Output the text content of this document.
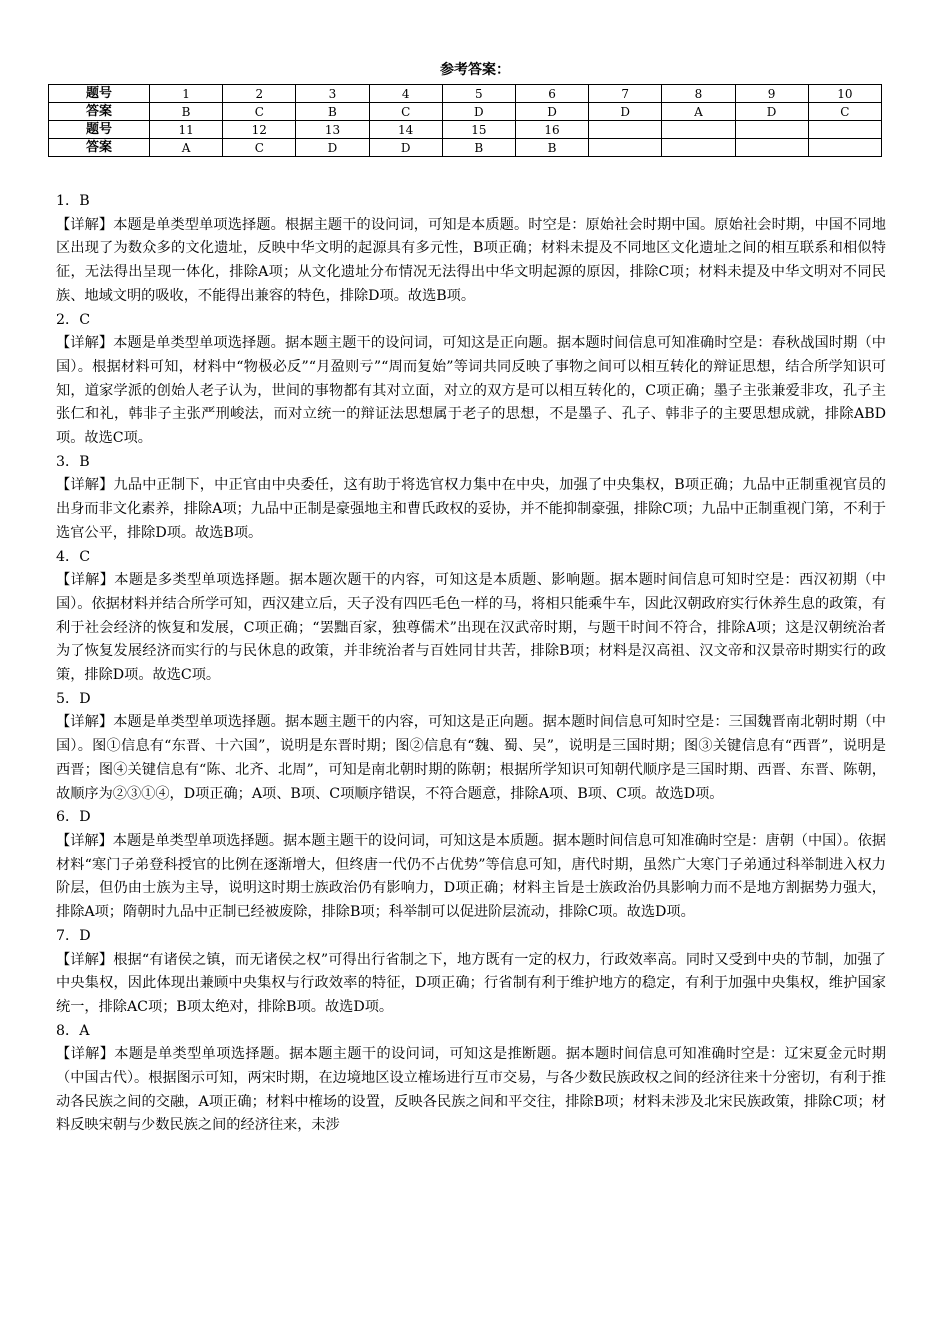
参考答案：
题号	1	2	3	4	5	6	7	8	9	10
答案	B	C	B	C	D	D	D	A	D	C
题号	11	12	13	14	15	16				
答案	A	C	D	D	B	B				

1．B

【详解】本题是单类型单项选择题。根据主题干的设问词，可知是本质题。时空是：原始社会时期中国。原始社会时期，中国不同地区出现了为数众多的文化遗址，反映中华文明的起源具有多元性，B项正确；材料未提及不同地区文化遗址之间的相互联系和相似特征，无法得出呈现一体化，排除A项；从文化遗址分布情况无法得出中华文明起源的原因，排除C项；材料未提及中华文明对不同民族、地域文明的吸收，不能得出兼容的特色，排除D项。故选B项。

2．C

【详解】本题是单类型单项选择题。据本题主题干的设问词，可知这是正向题。据本题时间信息可知准确时空是：春秋战国时期（中国）。根据材料可知，材料中“物极必反”“月盈则亏”“周而复始”等词共同反映了事物之间可以相互转化的辩证思想，结合所学知识可知，道家学派的创始人老子认为，世间的事物都有其对立面，对立的双方是可以相互转化的，C项正确；墨子主张兼爱非攻，孔子主张仁和礼，韩非子主张严刑峻法，而对立统一的辩证法思想属于老子的思想，不是墨子、孔子、韩非子的主要思想成就，排除ABD项。故选C项。

3．B

【详解】九品中正制下，中正官由中央委任，这有助于将选官权力集中在中央，加强了中央集权，B项正确；九品中正制重视官员的出身而非文化素养，排除A项；九品中正制是豪强地主和曹氏政权的妥协，并不能抑制豪强，排除C项；九品中正制重视门第，不利于选官公平，排除D项。故选B项。

4．C

【详解】本题是多类型单项选择题。据本题次题干的内容，可知这是本质题、影响题。据本题时间信息可知时空是：西汉初期（中国）。依据材料并结合所学可知，西汉建立后，天子没有四匹毛色一样的马，将相只能乘牛车，因此汉朝政府实行休养生息的政策，有利于社会经济的恢复和发展，C项正确；“罢黜百家，独尊儒术”出现在汉武帝时期，与题干时间不符合，排除A项；这是汉朝统治者为了恢复发展经济而实行的与民休息的政策，并非统治者与百姓同甘共苦，排除B项；材料是汉高祖、汉文帝和汉景帝时期实行的政策，排除D项。故选C项。

5．D

【详解】本题是单类型单项选择题。据本题主题干的内容，可知这是正向题。据本题时间信息可知时空是：三国魏晋南北朝时期（中国）。图①信息有“东晋、十六国”，说明是东晋时期；图②信息有“魏、蜀、吴”，说明是三国时期；图③关键信息有“西晋”，说明是西晋；图④关键信息有“陈、北齐、北周”，可知是南北朝时期的陈朝；根据所学知识可知朝代顺序是三国时期、西晋、东晋、陈朝，故顺序为②③①④，D项正确；A项、B项、C项顺序错误，不符合题意，排除A项、B项、C项。故选D项。

6．D

【详解】本题是单类型单项选择题。据本题主题干的设问词，可知这是本质题。据本题时间信息可知准确时空是：唐朝（中国）。依据材料“寒门子弟登科授官的比例在逐渐增大，但终唐一代仍不占优势”等信息可知，唐代时期，虽然广大寒门子弟通过科举制进入权力阶层，但仍由士族为主导，说明这时期士族政治仍有影响力，D项正确；材料主旨是士族政治仍具影响力而不是地方割据势力强大，排除A项；隋朝时九品中正制已经被废除，排除B项；科举制可以促进阶层流动，排除C项。故选D项。

7．D

【详解】根据“有诸侯之镇，而无诸侯之权”可得出行省制之下，地方既有一定的权力，行政效率高。同时又受到中央的节制，加强了中央集权，因此体现出兼顾中央集权与行政效率的特征，D项正确；行省制有利于维护地方的稳定，有利于加强中央集权，维护国家统一，排除AC项；B项太绝对，排除B项。故选D项。

8．A

【详解】本题是单类型单项选择题。据本题主题干的设问词，可知这是推断题。据本题时间信息可知准确时空是：辽宋夏金元时期（中国古代）。根据图示可知，两宋时期，在边境地区设立榷场进行互市交易，与各少数民族政权之间的经济往来十分密切，有利于推动各民族之间的交融，A项正确；材料中榷场的设置，反映各民族之间和平交往，排除B项；材料未涉及北宋民族政策，排除C项；材料反映宋朝与少数民族之间的经济往来，未涉
